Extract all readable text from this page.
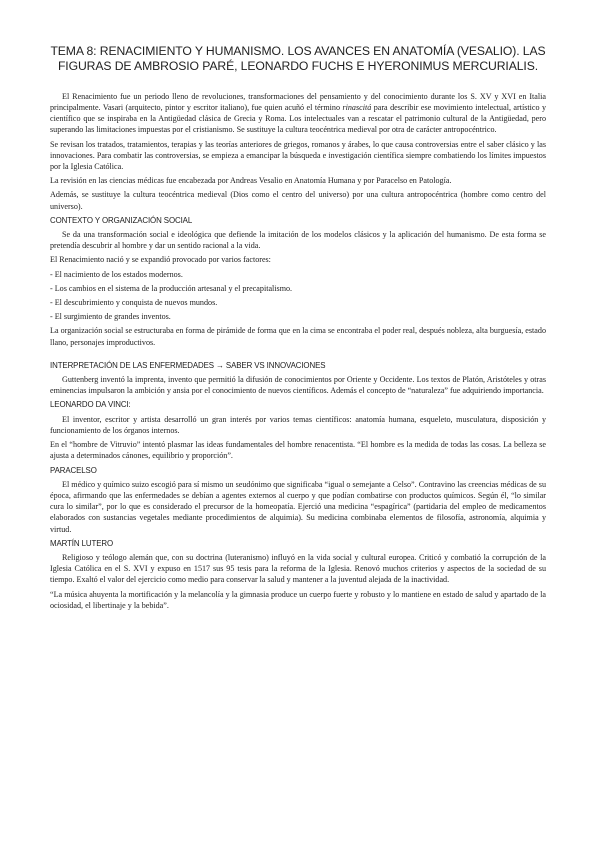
TEMA 8: RENACIMIENTO Y HUMANISMO. LOS AVANCES EN ANATOMÍA (VESALIO). LAS FIGURAS DE AMBROSIO PARÉ, LEONARDO FUCHS E HYERONIMUS MERCURIALIS.

El Renacimiento fue un periodo lleno de revoluciones, transformaciones del pensamiento y del conocimiento durante los S. XV y XVI en Italia principalmente. Vasari (arquitecto, pintor y escritor italiano), fue quien acuñó el término rinascitá para describir ese movimiento intelectual, artístico y científico que se inspiraba en la Antigüedad clásica de Grecia y Roma. Los intelectuales van a rescatar el patrimonio cultural de la Antigüedad, pero superando las limitaciones impuestas por el cristianismo. Se sustituye la cultura teocéntrica medieval por otra de carácter antropocéntrico.

Se revisan los tratados, tratamientos, terapias y las teorías anteriores de griegos, romanos y árabes, lo que causa controversias entre el saber clásico y las innovaciones. Para combatir las controversias, se empieza a emancipar la búsqueda e investigación científica siempre combatiendo los límites impuestos por la Iglesia Católica.

La revisión en las ciencias médicas fue encabezada por Andreas Vesalio en Anatomía Humana y por Paracelso en Patología.

Además, se sustituye la cultura teocéntrica medieval (Dios como el centro del universo) por una cultura antropocéntrica (hombre como centro del universo).

CONTEXTO Y ORGANIZACIÓN SOCIAL

Se da una transformación social e ideológica que defiende la imitación de los modelos clásicos y la aplicación del humanismo. De esta forma se pretendía descubrir al hombre y dar un sentido racional a la vida.

El Renacimiento nació y se expandió provocado por varios factores:

- El nacimiento de los estados modernos.
- Los cambios en el sistema de la producción artesanal y el precapitalismo.
- El descubrimiento y conquista de nuevos mundos.
- El surgimiento de grandes inventos.

La organización social se estructuraba en forma de pirámide de forma que en la cima se encontraba el poder real, después nobleza, alta burguesía, estado llano, personajes improductivos.

INTERPRETACIÓN DE LAS ENFERMEDADES → SABER VS INNOVACIONES

Guttenberg inventó la imprenta, invento que permitió la difusión de conocimientos por Oriente y Occidente. Los textos de Platón, Aristóteles y otras eminencias impulsaron la ambición y ansia por el conocimiento de nuevos científicos. Además el concepto de “naturaleza” fue adquiriendo importancia.

LEONARDO DA VINCI:

El inventor, escritor y artista desarrolló un gran interés por varios temas científicos: anatomía humana, esqueleto, musculatura, disposición y funcionamiento de los órganos internos.

En el “hombre de Vitruvio” intentó plasmar las ideas fundamentales del hombre renacentista. “El hombre es la medida de todas las cosas. La belleza se ajusta a determinados cánones, equilibrio y proporción”.

PARACELSO

El médico y químico suizo escogió para sí mismo un seudónimo que significaba “igual o semejante a Celso”. Contravino las creencias médicas de su época, afirmando que las enfermedades se debían a agentes externos al cuerpo y que podían combatirse con productos químicos. Según él, “lo similar cura lo similar”, por lo que es considerado el precursor de la homeopatía. Ejerció una medicina “espagírica” (partidaria del empleo de medicamentos elaborados con sustancias vegetales mediante procedimientos de alquimia). Su medicina combinaba elementos de filosofía, astronomía, alquimia y virtud.

MARTÍN LUTERO

Religioso y teólogo alemán que, con su doctrina (luteranismo) influyó en la vida social y cultural europea. Criticó y combatió la corrupción de la Iglesia Católica en el S. XVI y expuso en 1517 sus 95 tesis para la reforma de la Iglesia. Renovó muchos criterios y aspectos de la sociedad de su tiempo. Exaltó el valor del ejercicio como medio para conservar la salud y mantener a la juventud alejada de la inactividad.

“La música ahuyenta la mortificación y la melancolía y la gimnasia produce un cuerpo fuerte y robusto y lo mantiene en estado de salud y apartado de la ociosidad, el libertinaje y la bebida”.
